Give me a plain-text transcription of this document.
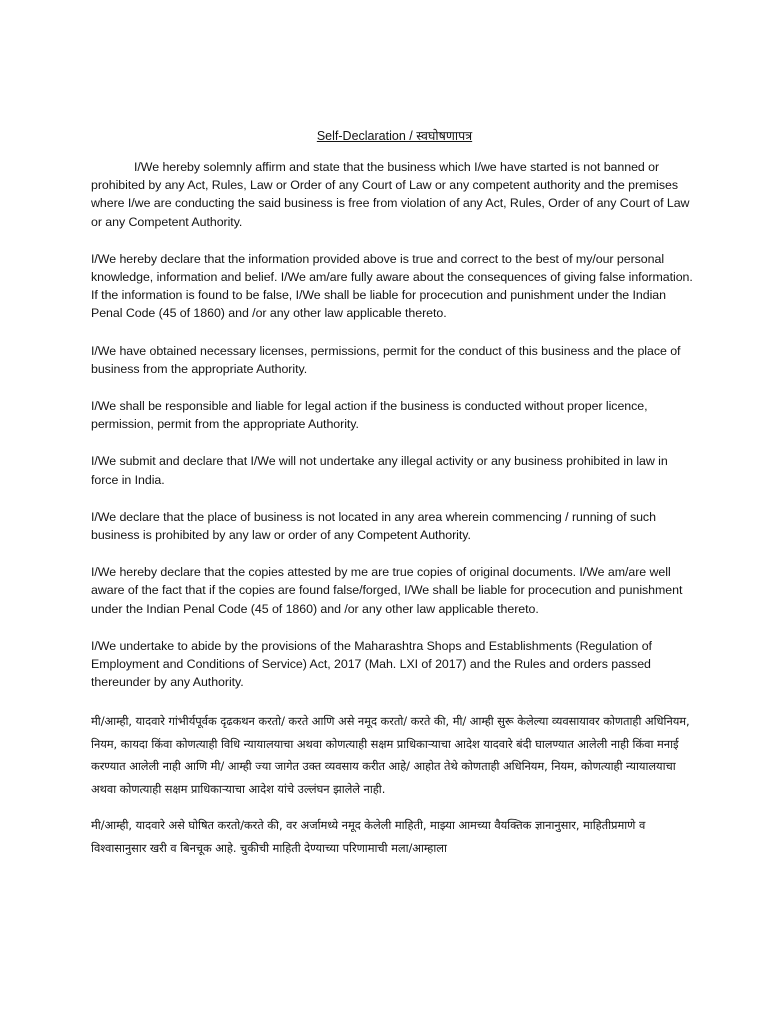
Self-Declaration / स्वघोषणापत्र

I/We hereby solemnly affirm and state that the business which I/we have started is not banned or prohibited by any Act, Rules, Law or Order of any Court of Law or any competent authority and the premises where I/we are conducting the said business is free from violation of any Act, Rules, Order of any Court of Law or any Competent Authority.

I/We hereby declare that the information provided above is true and correct to the best of my/our personal knowledge, information and belief. I/We am/are fully aware about the consequences of giving false information. If the information is found to be false, I/We shall be liable for procecution and punishment under the Indian Penal Code (45 of 1860) and /or any other law applicable thereto.

I/We have obtained necessary licenses, permissions, permit for the conduct of this business and the place of business from the appropriate Authority.

I/We shall be responsible and liable for legal action if the business is conducted without proper licence, permission, permit from the appropriate Authority.

I/We submit and declare that I/We will not undertake any illegal activity or any business prohibited in law in force in India.

I/We declare that the place of business is not located in any area wherein commencing / running of such business is prohibited by any law or order of any Competent Authority.

I/We hereby declare that the copies attested by me are true copies of original documents. I/We am/are well aware of the fact that if the copies are found false/forged, I/We shall be liable for procecution and punishment under the Indian Penal Code (45 of 1860) and /or any other law applicable thereto.

I/We undertake to abide by the provisions of the Maharashtra Shops and Establishments (Regulation of Employment and Conditions of Service) Act, 2017 (Mah. LXI of 2017) and the Rules and orders passed thereunder by any Authority.

मी/आम्ही, यादवारे गांभीर्यपूर्वक दृढकथन करतो/ करते आणि असे नमूद करतो/ करते की, मी/ आम्ही सुरू केलेल्या व्यवसायावर कोणताही अधिनियम, नियम, कायदा किंवा कोणत्याही विधि न्यायालयाचा अथवा कोणत्याही सक्षम प्राधिकाऱ्याचा आदेश यादवारे बंदी घालण्यात आलेली नाही किंवा मनाई करण्यात आलेली नाही आणि मी/ आम्ही ज्या जागेत उक्त व्यवसाय करीत आहे/ आहोत तेथे कोणताही अधिनियम, नियम, कोणत्याही न्यायालयाचा अथवा कोणत्याही सक्षम प्राधिकाऱ्याचा आदेश यांचे उल्लंघन झालेले नाही.

मी/आम्ही, यादवारे असे घोषित करतो/करते की, वर अर्जामध्ये नमूद केलेली माहिती, माझ्या आमच्या वैयक्तिक ज्ञानानुसार, माहितीप्रमाणे व विश्वासानुसार खरी व बिनचूक आहे. चुकीची माहिती देण्याच्या परिणामाची मला/आम्हाला
